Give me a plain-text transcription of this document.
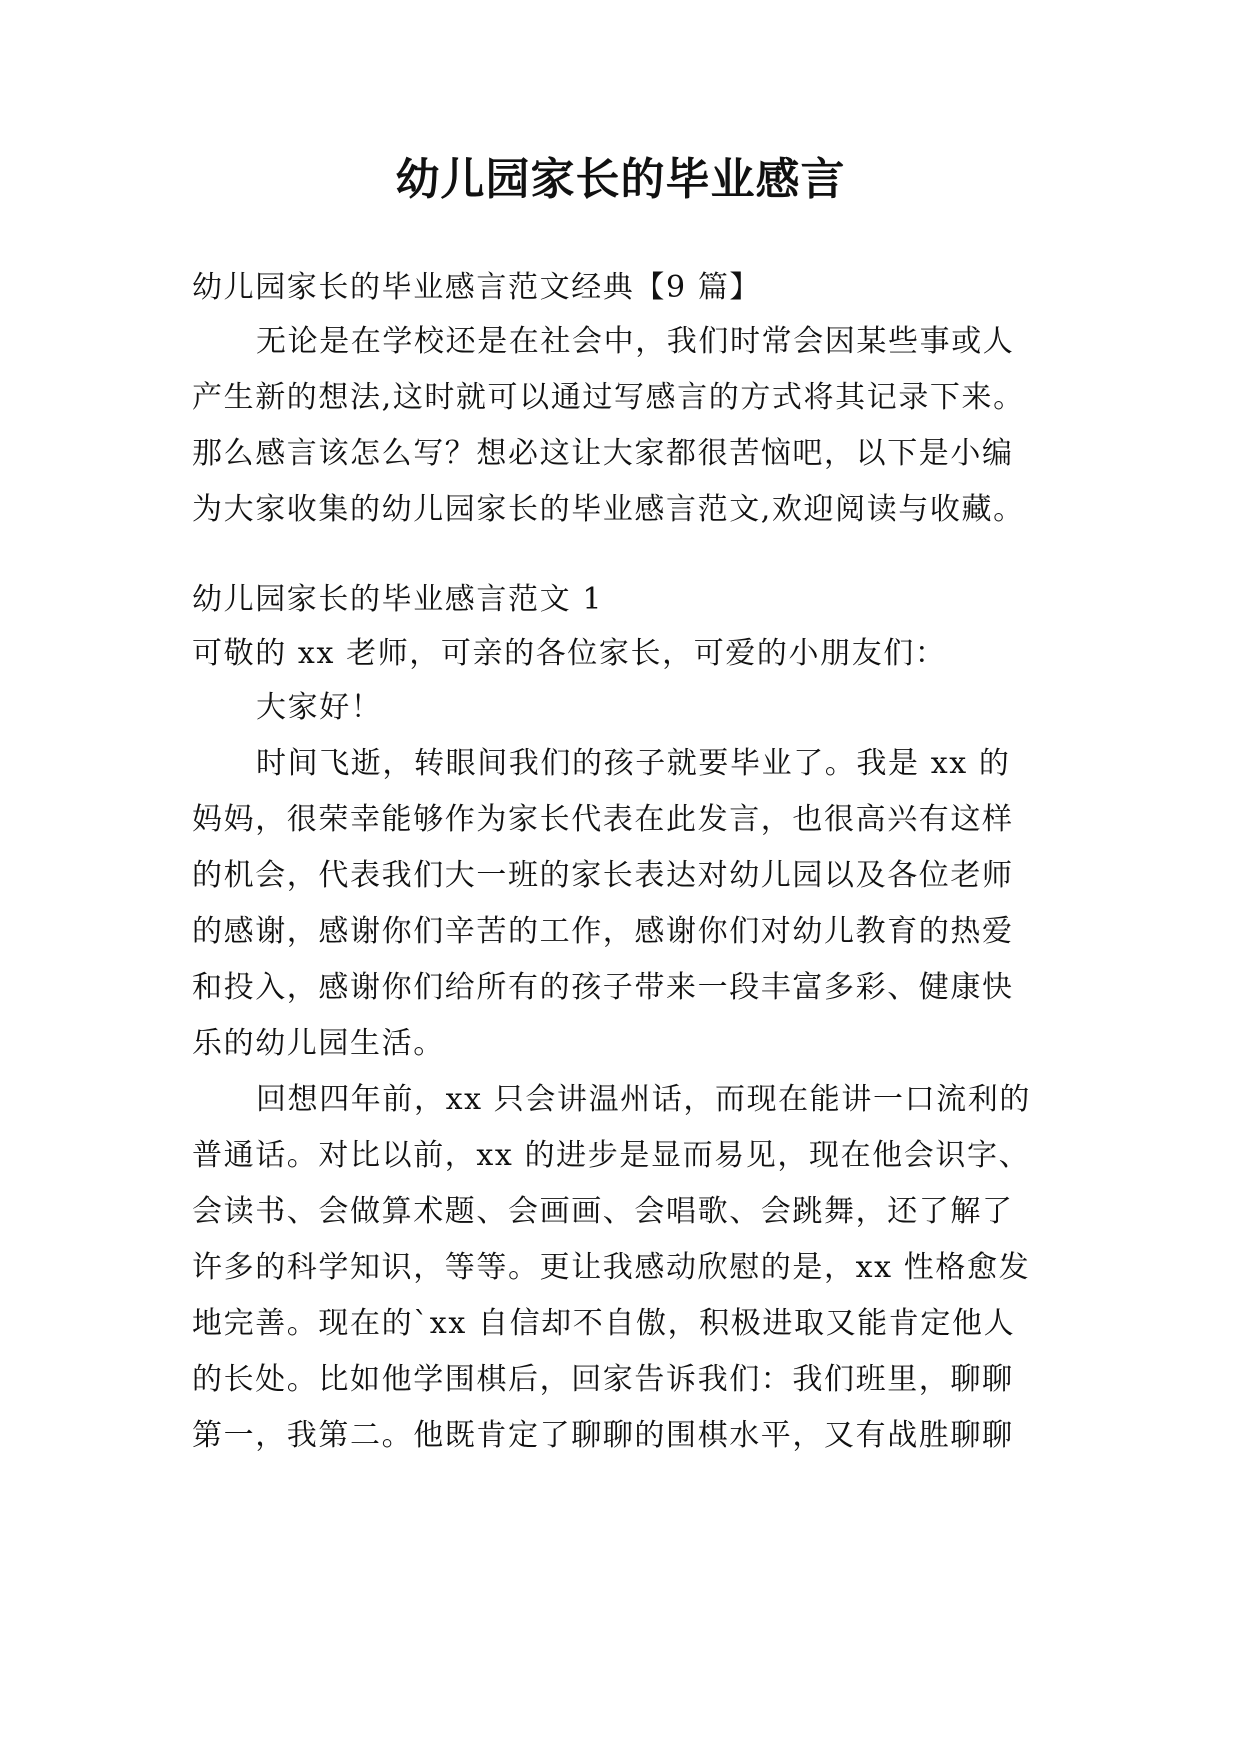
幼儿园家长的毕业感言

幼儿园家长的毕业感言范文经典【9 篇】

无论是在学校还是在社会中，我们时常会因某些事或人

产生新的想法,这时就可以通过写感言的方式将其记录下来。

那么感言该怎么写？想必这让大家都很苦恼吧，以下是小编

为大家收集的幼儿园家长的毕业感言范文,欢迎阅读与收藏。

幼儿园家长的毕业感言范文 1

可敬的 xx 老师，可亲的各位家长，可爱的小朋友们：

大家好！

时间飞逝，转眼间我们的孩子就要毕业了。我是 xx 的

妈妈，很荣幸能够作为家长代表在此发言，也很高兴有这样

的机会，代表我们大一班的家长表达对幼儿园以及各位老师

的感谢，感谢你们辛苦的工作，感谢你们对幼儿教育的热爱

和投入，感谢你们给所有的孩子带来一段丰富多彩、健康快

乐的幼儿园生活。

回想四年前，xx 只会讲温州话，而现在能讲一口流利的

普通话。对比以前，xx 的进步是显而易见，现在他会识字、

会读书、会做算术题、会画画、会唱歌、会跳舞，还了解了

许多的科学知识，等等。更让我感动欣慰的是，xx 性格愈发

地完善。现在的`xx 自信却不自傲，积极进取又能肯定他人

的长处。比如他学围棋后，回家告诉我们：我们班里，聊聊

第一，我第二。他既肯定了聊聊的围棋水平，又有战胜聊聊
